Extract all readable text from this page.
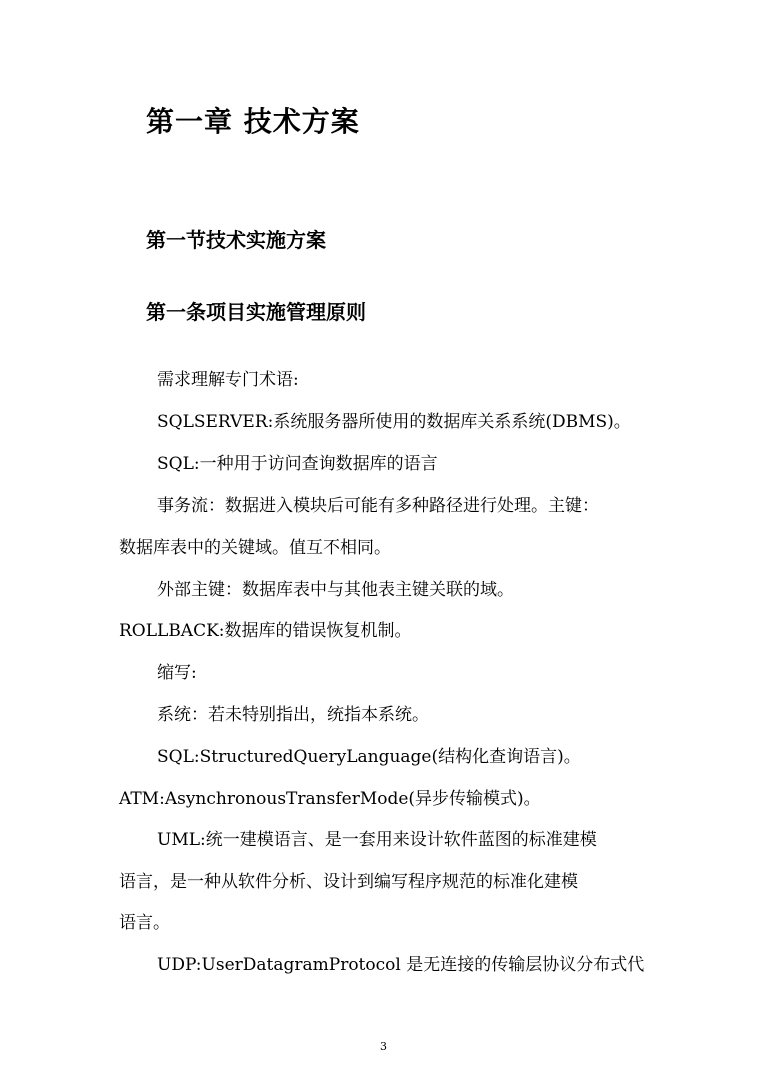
第一章 技术方案
第一节技术实施方案
第一条项目实施管理原则
需求理解专门术语:
SQLSERVER:系统服务器所使用的数据库关系系统(DBMS)。
SQL:一种用于访问查询数据库的语言
事务流：数据进入模块后可能有多种路径进行处理。主键：
数据库表中的关键域。值互不相同。
外部主键：数据库表中与其他表主键关联的域。
ROLLBACK:数据库的错误恢复机制。
缩写:
系统：若未特别指出，统指本系统。
SQL:StructuredQueryLanguage(结构化查询语言)。
ATM:AsynchronousTransferMode(异步传输模式)。
UML:统一建模语言、是一套用来设计软件蓝图的标准建模
语言，是一种从软件分析、设计到编写程序规范的标准化建模
语言。
UDP:UserDatagramProtocol 是无连接的传输层协议分布式代
3
